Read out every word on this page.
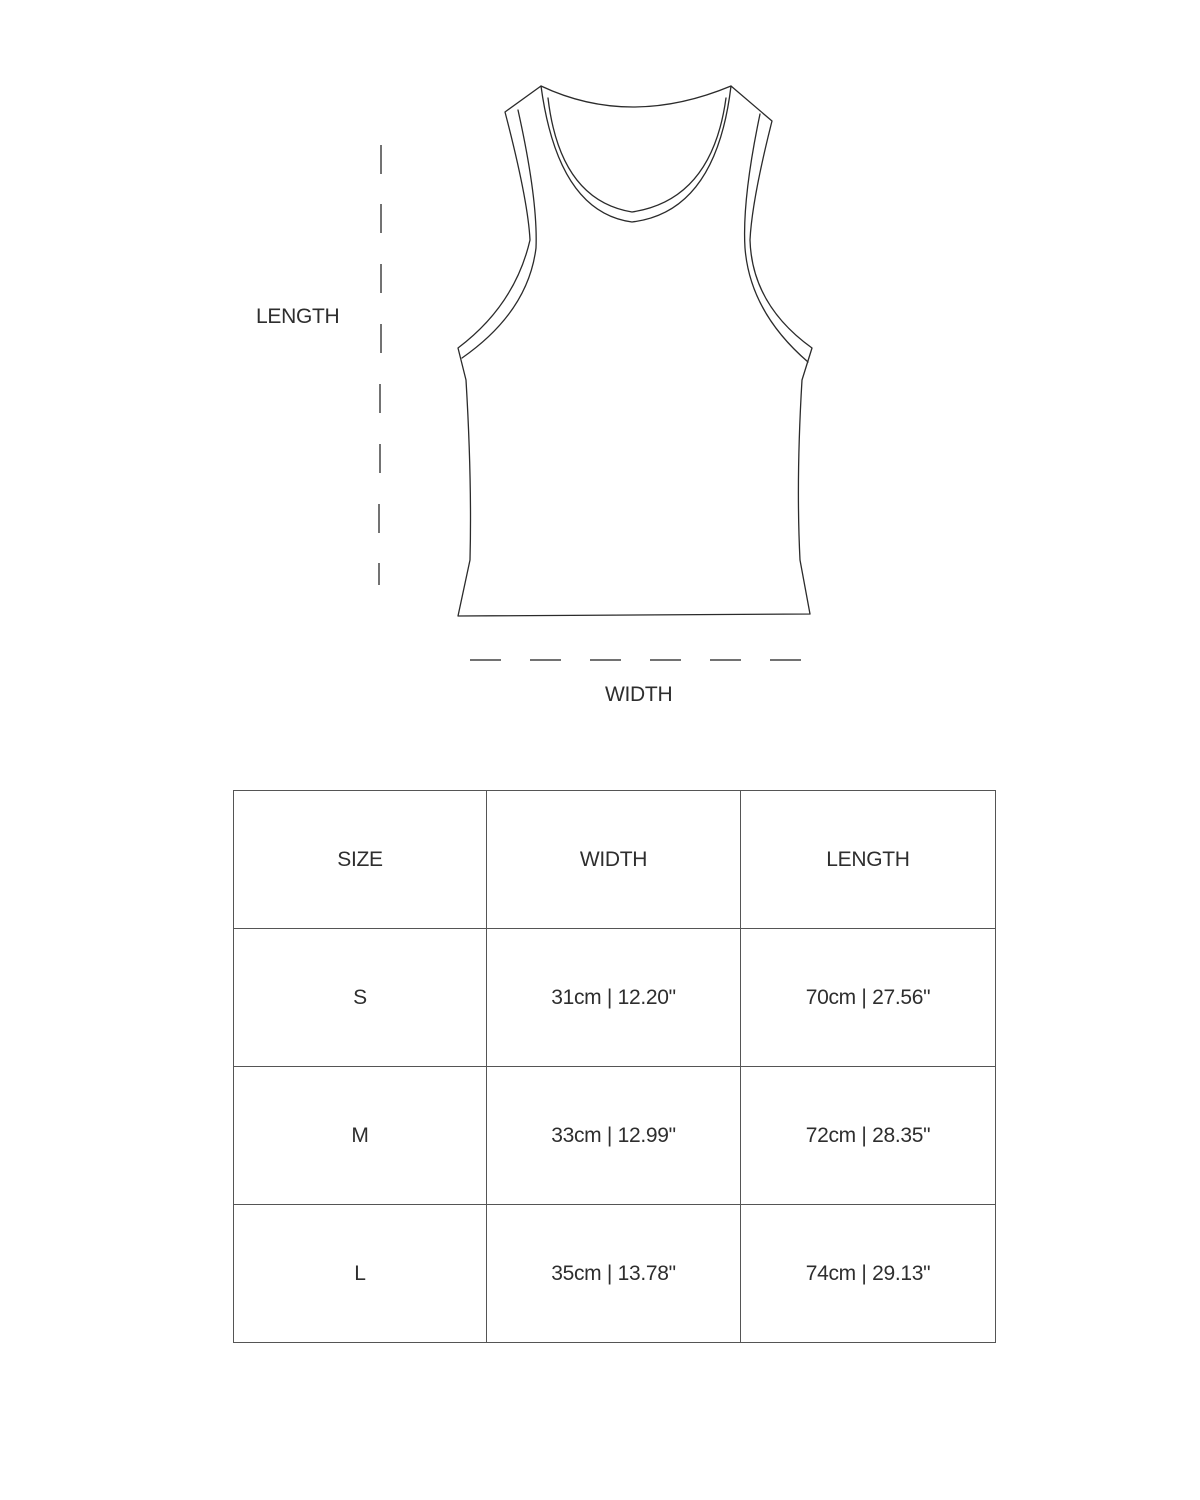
LENGTH
WIDTH
SIZE	WIDTH	LENGTH
S	31cm | 12.20"	70cm | 27.56"
M	33cm | 12.99"	72cm | 28.35"
L	35cm | 13.78"	74cm | 29.13"
